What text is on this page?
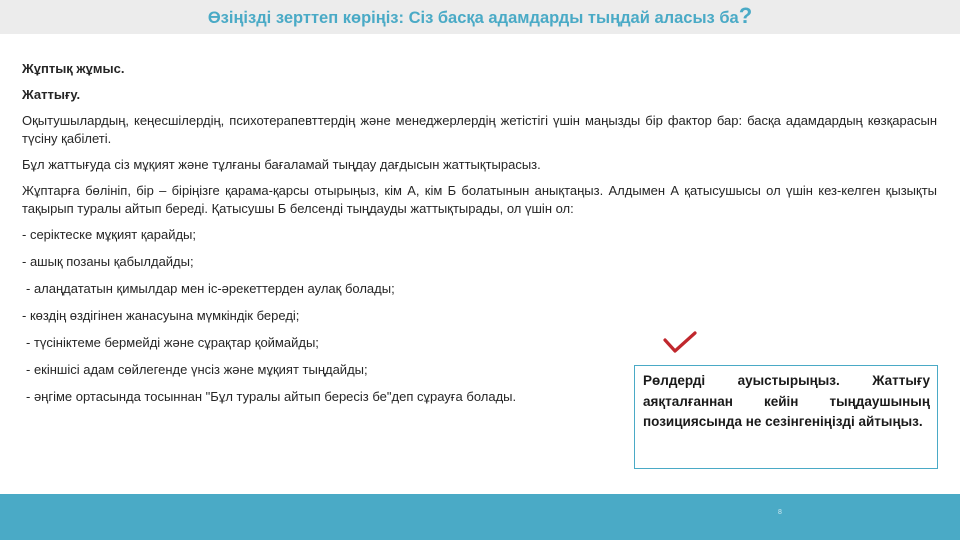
Өзіңізді зерттеп көріңіз: Сіз басқа адамдарды тыңдай аласыз ба?

Жұптық жұмыс.

Жаттығу.

Оқытушылардың, кеңесшілердің, психотерапевттердің және менеджерлердің жетістігі үшін маңызды бір фактор бар: басқа адамдардың көзқарасын түсіну қабілеті.

Бұл жаттығуда сіз мұқият және тұлғаны бағаламай тыңдау дағдысын жаттықтырасыз.

Жұптарға бөлініп, бір – біріңізге қарама-қарсы отырыңыз, кім А, кім Б болатынын анықтаңыз. Алдымен А қатысушысы ол үшін кез-келген қызықты тақырып туралы айтып береді. Қатысушы Б белсенді тыңдауды жаттықтырады, ол үшін ол:

- серіктеске мұқият қарайды;
- ашық позаны қабылдайды;
- алаңдататын қимылдар мен іс-әрекеттерден аулақ болады;
- көздің өздігінен жанасуына мүмкіндік береді;
- түсініктеме бермейді және сұрақтар қоймайды;
- екіншісі адам сөйлегенде үнсіз және мұқият тыңдайды;
- әңгіме ортасында тосыннан "Бұл туралы айтып бересіз бе"деп сұрауға болады.
Рөлдерді ауыстырыңыз. Жаттығу аяқталғаннан кейін тыңдаушының позициясында не сезінгеніңізді айтыңыз.
8
